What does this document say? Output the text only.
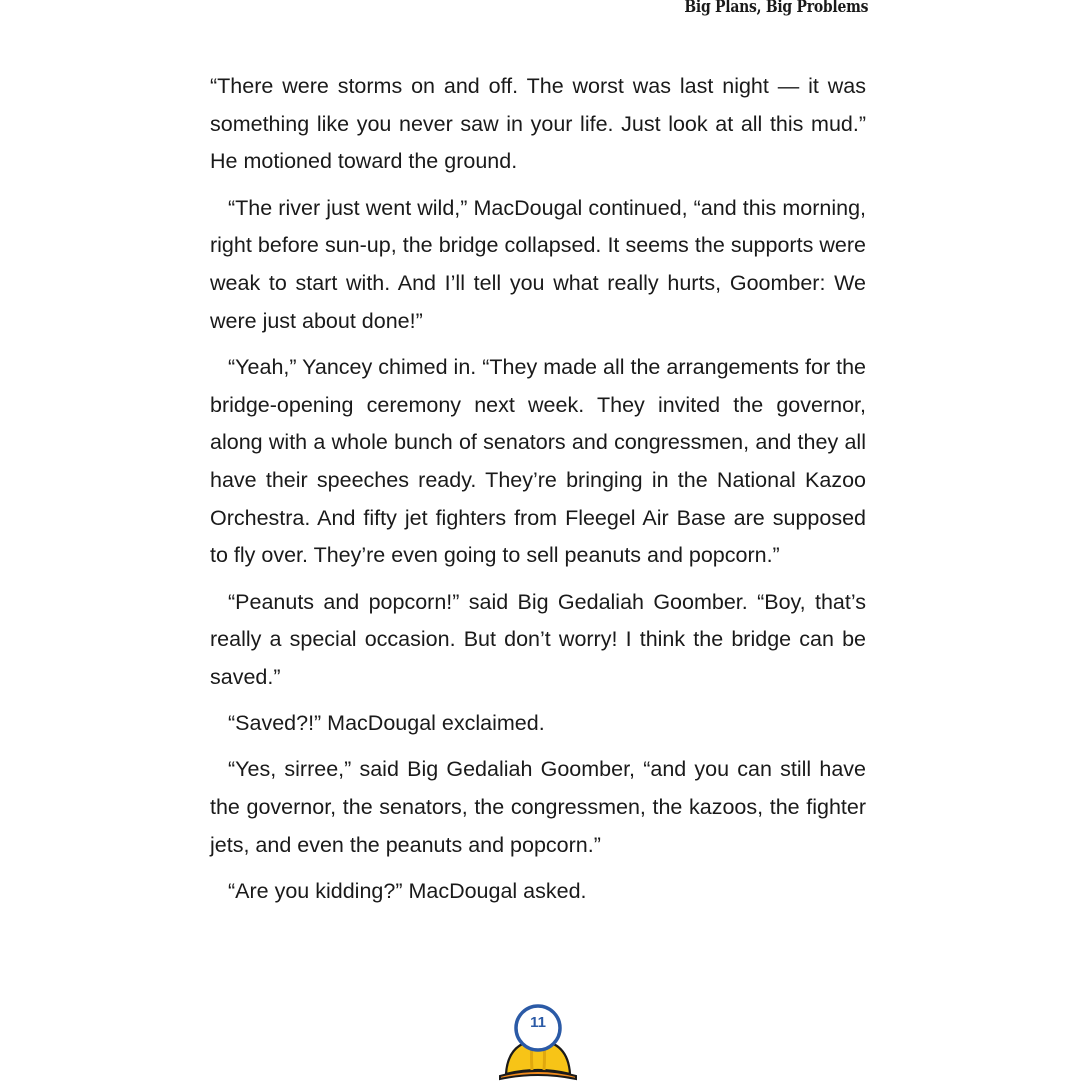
Big Plans, Big Problems

“There were storms on and off. The worst was last night — it was something like you never saw in your life. Just look at all this mud.” He motioned toward the ground.

“The river just went wild,” MacDougal continued, “and this morning, right before sun-up, the bridge collapsed. It seems the supports were weak to start with. And I’ll tell you what really hurts, Goomber: We were just about done!”

“Yeah,” Yancey chimed in. “They made all the arrangements for the bridge-opening ceremony next week. They invited the governor, along with a whole bunch of senators and congressmen, and they all have their speeches ready. They’re bringing in the National Kazoo Orchestra. And fifty jet fighters from Fleegel Air Base are supposed to fly over. They’re even going to sell peanuts and popcorn.”

“Peanuts and popcorn!” said Big Gedaliah Goomber. “Boy, that’s really a special occasion. But don’t worry! I think the bridge can be saved.”

“Saved?!” MacDougal exclaimed.

“Yes, sirree,” said Big Gedaliah Goomber, “and you can still have the governor, the senators, the congressmen, the kazoos, the fighter jets, and even the peanuts and popcorn.”

“Are you kidding?” MacDougal asked.

11
